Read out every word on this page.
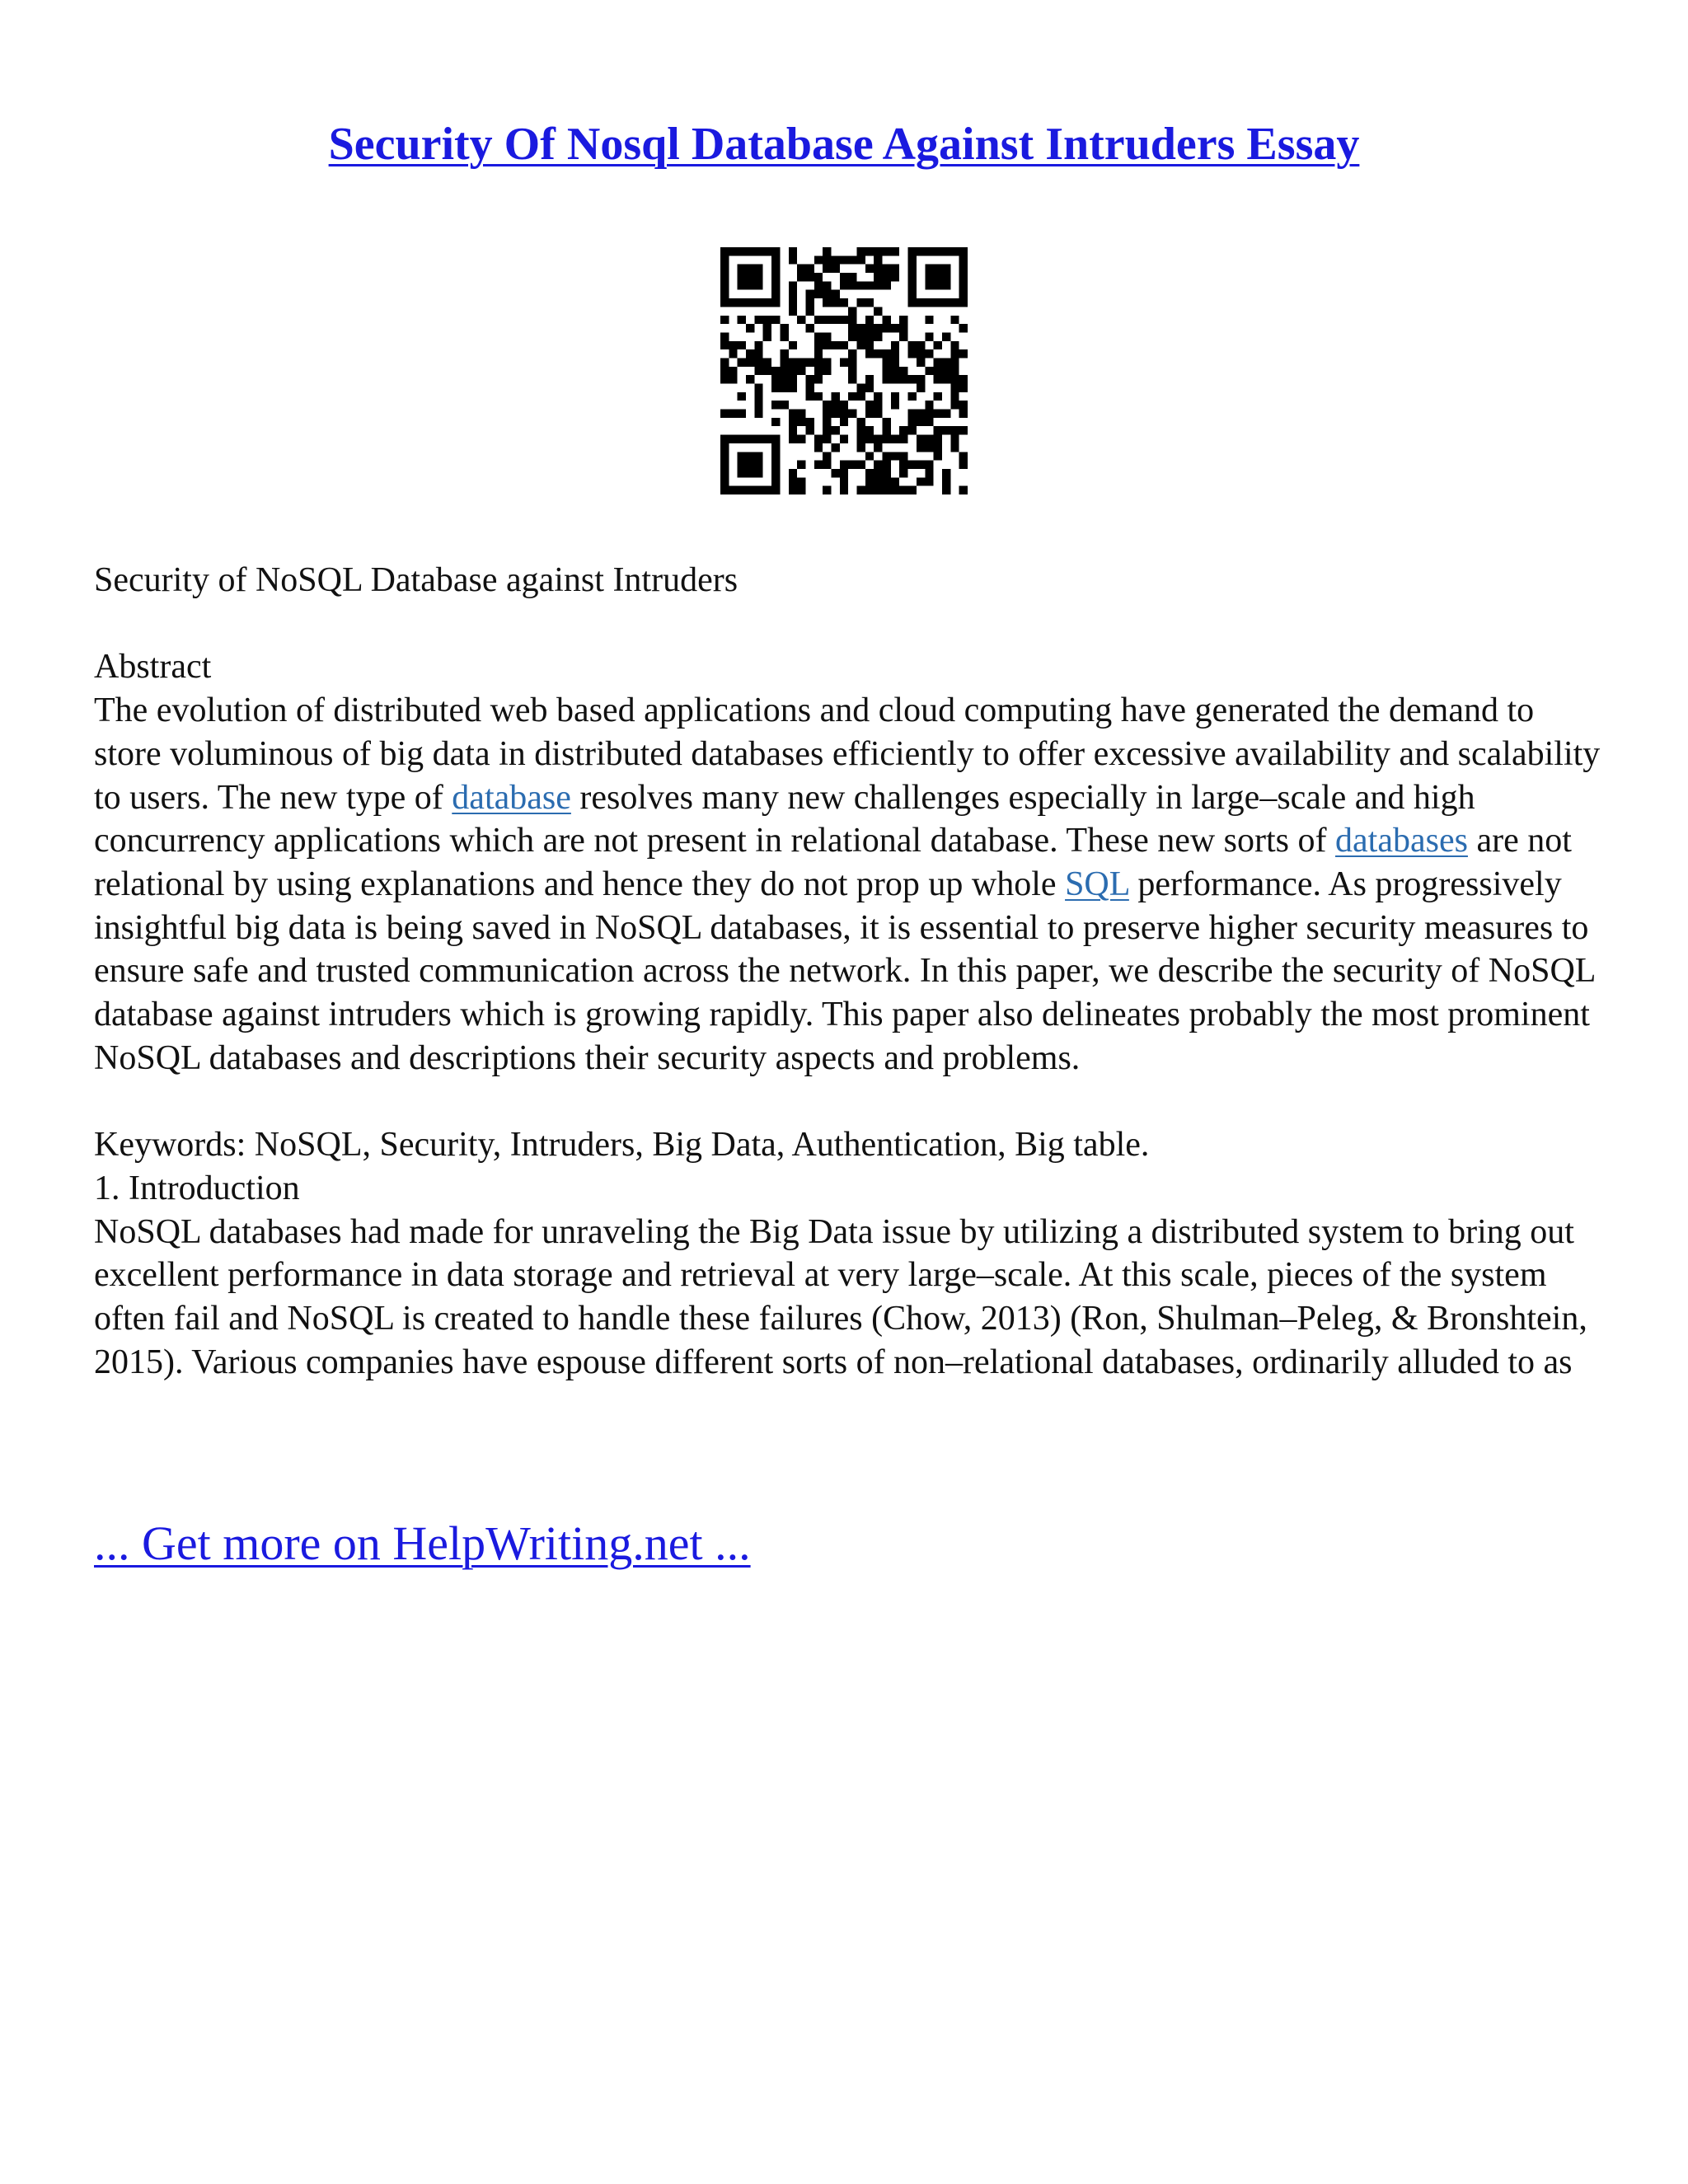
Security Of Nosql Database Against Intruders Essay

Security of NoSQL Database against Intruders

Abstract

The evolution of distributed web based applications and cloud computing have generated the demand to store voluminous of big data in distributed databases efficiently to offer excessive availability and scalability to users. The new type of database resolves many new challenges especially in large–scale and high concurrency applications which are not present in relational database. These new sorts of databases are not relational by using explanations and hence they do not prop up whole SQL performance. As progressively insightful big data is being saved in NoSQL databases, it is essential to preserve higher security measures to ensure safe and trusted communication across the network. In this paper, we describe the security of NoSQL database against intruders which is growing rapidly. This paper also delineates probably the most prominent NoSQL databases and descriptions their security aspects and problems.

Keywords: NoSQL, Security, Intruders, Big Data, Authentication, Big table.

1. Introduction

NoSQL databases had made for unraveling the Big Data issue by utilizing a distributed system to bring out excellent performance in data storage and retrieval at very large–scale. At this scale, pieces of the system often fail and NoSQL is created to handle these failures (Chow, 2013) (Ron, Shulman–Peleg, & Bronshtein, 2015). Various companies have espouse different sorts of non–relational databases, ordinarily alluded to as

... Get more on HelpWriting.net ...
